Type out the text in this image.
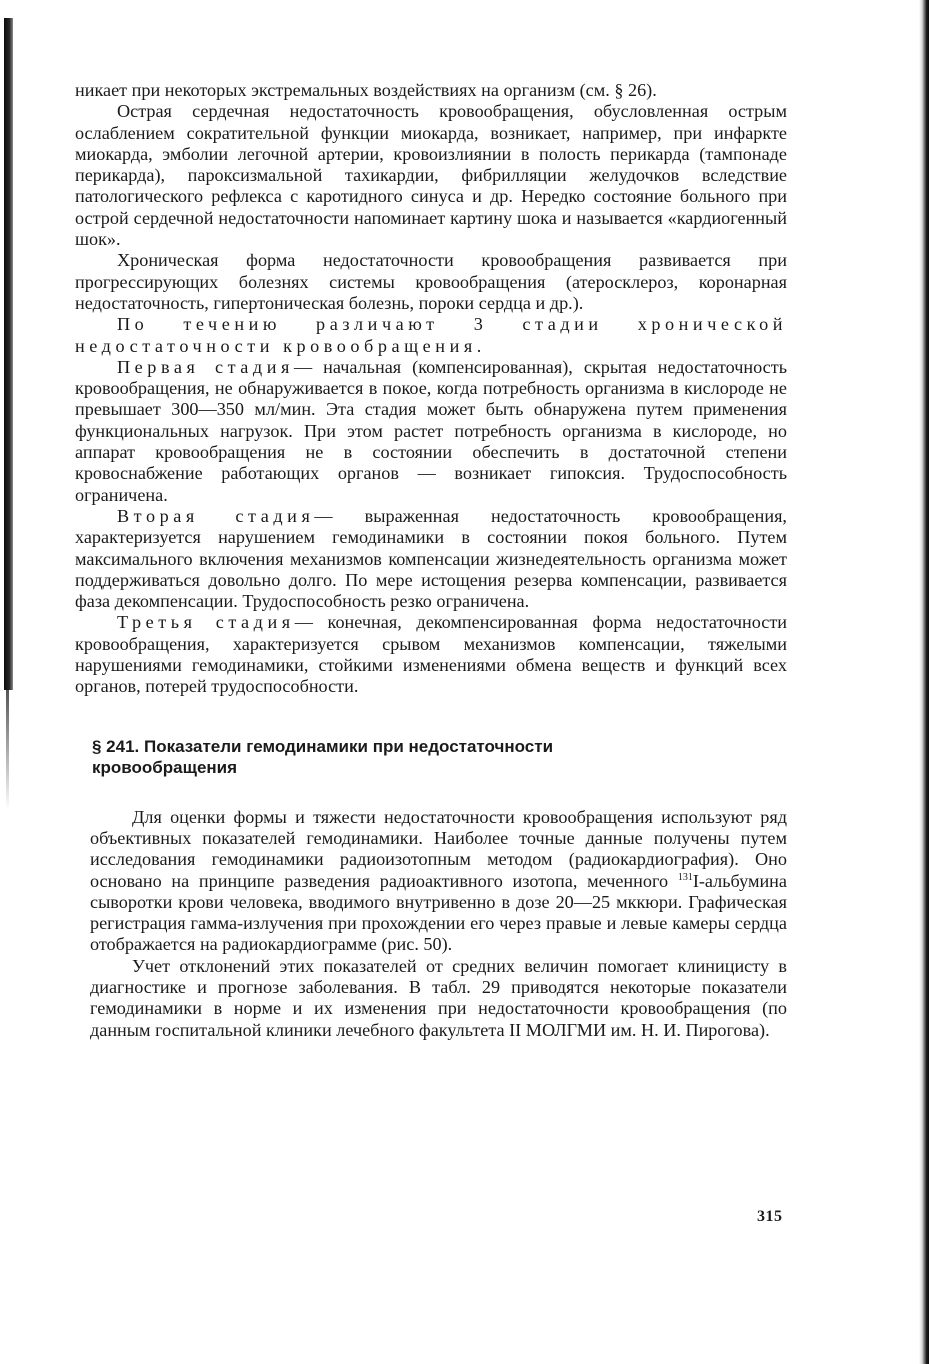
никает при некоторых экстремальных воздействиях на организм (см. § 26).

Острая сердечная недостаточность кровообращения, обусловленная острым ослаблением сократительной функции миокарда, возникает, например, при инфаркте миокарда, эмболии легочной артерии, кровоизлиянии в полость перикарда (тампонаде перикарда), пароксизмальной тахикардии, фибрилляции желудочков вследствие патологического рефлекса с каротидного синуса и др. Нередко состояние больного при острой сердечной недостаточности напоминает картину шока и называется «кардиогенный шок».

Хроническая форма недостаточности кровообращения развивается при прогрессирующих болезнях системы кровообращения (атеросклероз, коронарная недостаточность, гипертоническая болезнь, пороки сердца и др.).

По течению различают 3 стадии хронической недостаточности кровообращения.

Первая стадия— начальная (компенсированная), скрытая недостаточность кровообращения, не обнаруживается в покое, когда потребность организма в кислороде не превышает 300—350 мл/мин. Эта стадия может быть обнаружена путем применения функциональных нагрузок. При этом растет потребность организма в кислороде, но аппарат кровообращения не в состоянии обеспечить в достаточной степени кровоснабжение работающих органов — возникает гипоксия. Трудоспособность ограничена.

Вторая стадия— выраженная недостаточность кровообращения, характеризуется нарушением гемодинамики в состоянии покоя больного. Путем максимального включения механизмов компенсации жизнедеятельность организма может поддерживаться довольно долго. По мере истощения резерва компенсации, развивается фаза декомпенсации. Трудоспособность резко ограничена.

Третья стадия— конечная, декомпенсированная форма недостаточности кровообращения, характеризуется срывом механизмов компенсации, тяжелыми нарушениями гемодинамики, стойкими изменениями обмена веществ и функций всех органов, потерей трудоспособности.

§ 241. Показатели гемодинамики при недостаточности
кровообращения

Для оценки формы и тяжести недостаточности кровообращения используют ряд объективных показателей гемодинамики. Наиболее точные данные получены путем исследования гемодинамики радиоизотопным методом (радиокардиография). Оно основано на принципе разведения радиоактивного изотопа, меченного $^{131}$I-альбумина сыворотки крови человека, вводимого внутривенно в дозе 20—25 мккюри. Графическая регистрация гамма-излучения при прохождении его через правые и левые камеры сердца отображается на радиокардиограмме (рис. 50).

Учет отклонений этих показателей от средних величин помогает клиницисту в диагностике и прогнозе заболевания. В табл. 29 приводятся некоторые показатели гемодинамики в норме и их изменения при недостаточности кровообращения (по данным госпитальной клиники лечебного факультета II МОЛГМИ им. Н. И. Пирогова).

315
